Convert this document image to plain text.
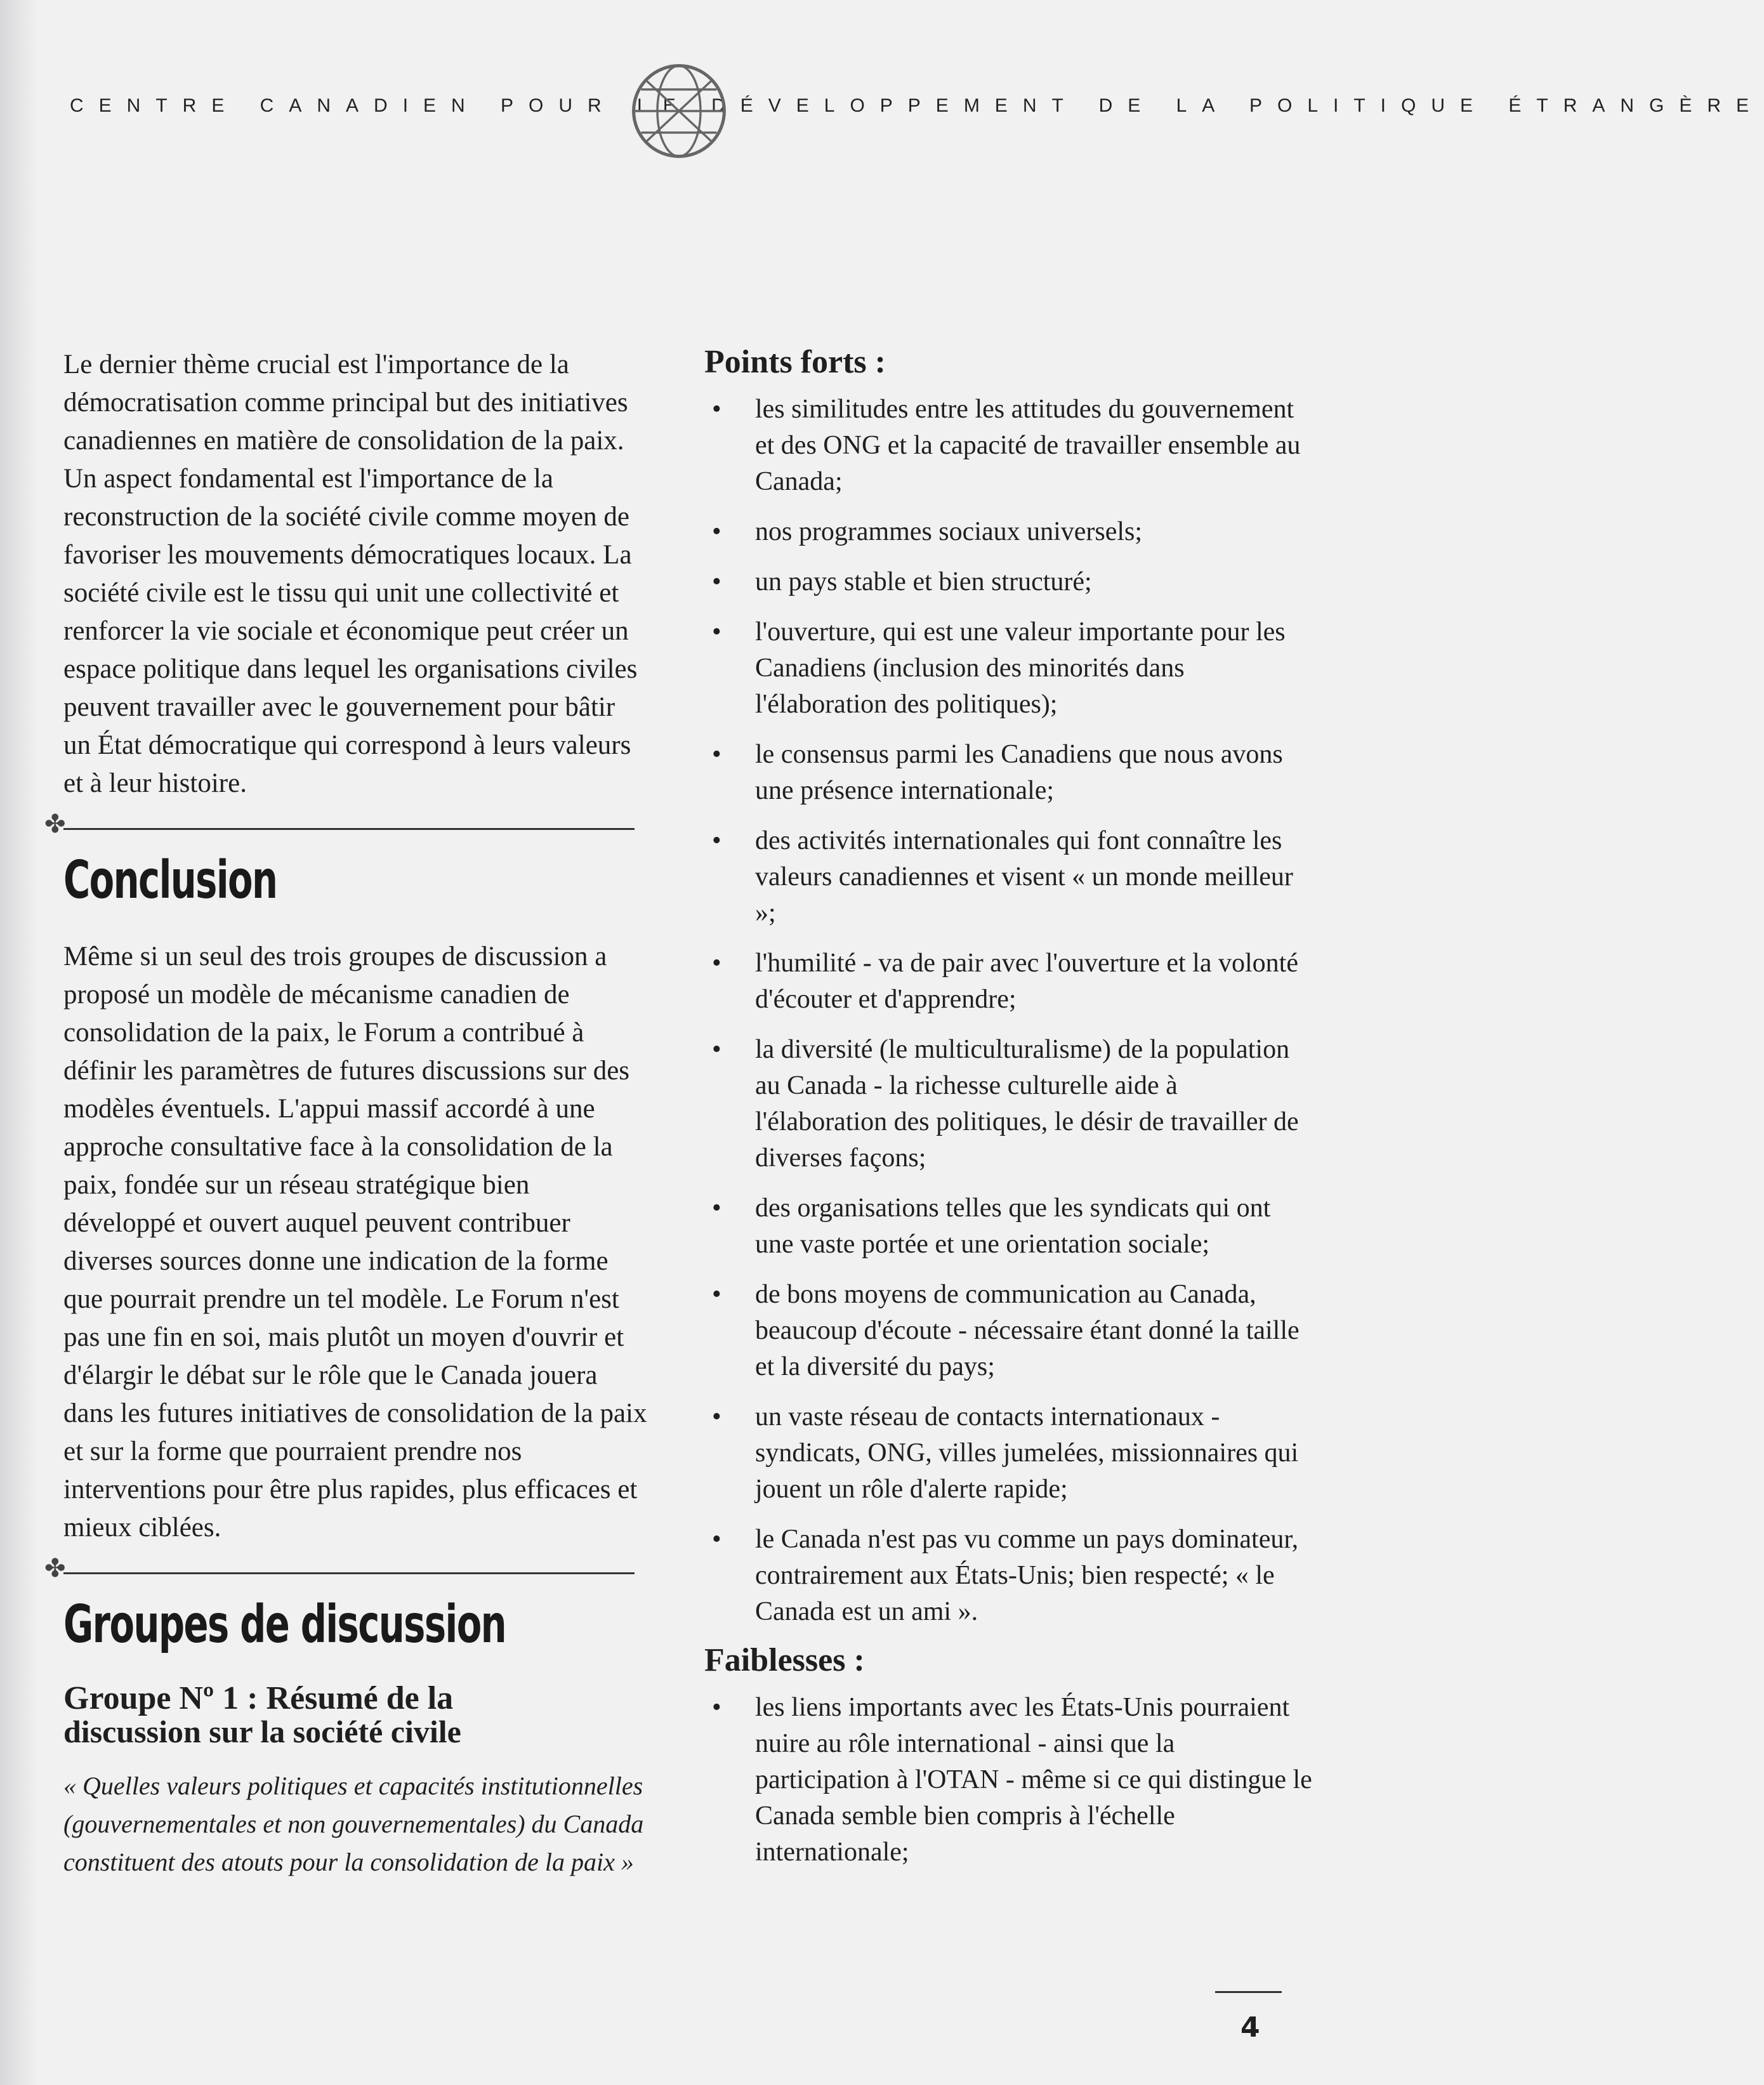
CENTRE CANADIEN POUR LE DÉVELOPPEMENT DE LA POLITIQUE ÉTRANGÈRE

Le dernier thème crucial est l'importance de la démocratisation comme principal but des initiatives canadiennes en matière de consolidation de la paix. Un aspect fondamental est l'importance de la reconstruction de la société civile comme moyen de favoriser les mouvements démocratiques locaux. La société civile est le tissu qui unit une collectivité et renforcer la vie sociale et économique peut créer un espace politique dans lequel les organisations civiles peuvent travailler avec le gouvernement pour bâtir un État démocratique qui correspond à leurs valeurs et à leur histoire.

✤
Conclusion

Même si un seul des trois groupes de discussion a proposé un modèle de mécanisme canadien de consolidation de la paix, le Forum a contribué à définir les paramètres de futures discussions sur des modèles éventuels. L'appui massif accordé à une approche consultative face à la consolidation de la paix, fondée sur un réseau stratégique bien développé et ouvert auquel peuvent contribuer diverses sources donne une indication de la forme que pourrait prendre un tel modèle. Le Forum n'est pas une fin en soi, mais plutôt un moyen d'ouvrir et d'élargir le débat sur le rôle que le Canada jouera dans les futures initiatives de consolidation de la paix et sur la forme que pourraient prendre nos interventions pour être plus rapides, plus efficaces et mieux ciblées.

✤
Groupes de discussion
Groupe Nº 1 : Résumé de la
discussion sur la société civile
« Quelles valeurs politiques et capacités institutionnelles (gouvernementales et non gouvernementales) du Canada constituent des atouts pour la consolidation de la paix »
Points forts :
• les similitudes entre les attitudes du gouvernement et des ONG et la capacité de travailler ensemble au Canada;
• nos programmes sociaux universels;
• un pays stable et bien structuré;
• l'ouverture, qui est une valeur importante pour les Canadiens (inclusion des minorités dans l'élaboration des politiques);
• le consensus parmi les Canadiens que nous avons une présence internationale;
• des activités internationales qui font connaître les valeurs canadiennes et visent « un monde meilleur »;
• l'humilité - va de pair avec l'ouverture et la volonté d'écouter et d'apprendre;
• la diversité (le multiculturalisme) de la population au Canada - la richesse culturelle aide à l'élaboration des politiques, le désir de travailler de diverses façons;
• des organisations telles que les syndicats qui ont une vaste portée et une orientation sociale;
• de bons moyens de communication au Canada, beaucoup d'écoute - nécessaire étant donné la taille et la diversité du pays;
• un vaste réseau de contacts internationaux - syndicats, ONG, villes jumelées, missionnaires qui jouent un rôle d'alerte rapide;
• le Canada n'est pas vu comme un pays dominateur, contrairement aux États-Unis; bien respecté; « le Canada est un ami ».
Faiblesses :
• les liens importants avec les États-Unis pourraient nuire au rôle international - ainsi que la participation à l'OTAN - même si ce qui distingue le Canada semble bien compris à l'échelle internationale;
4
